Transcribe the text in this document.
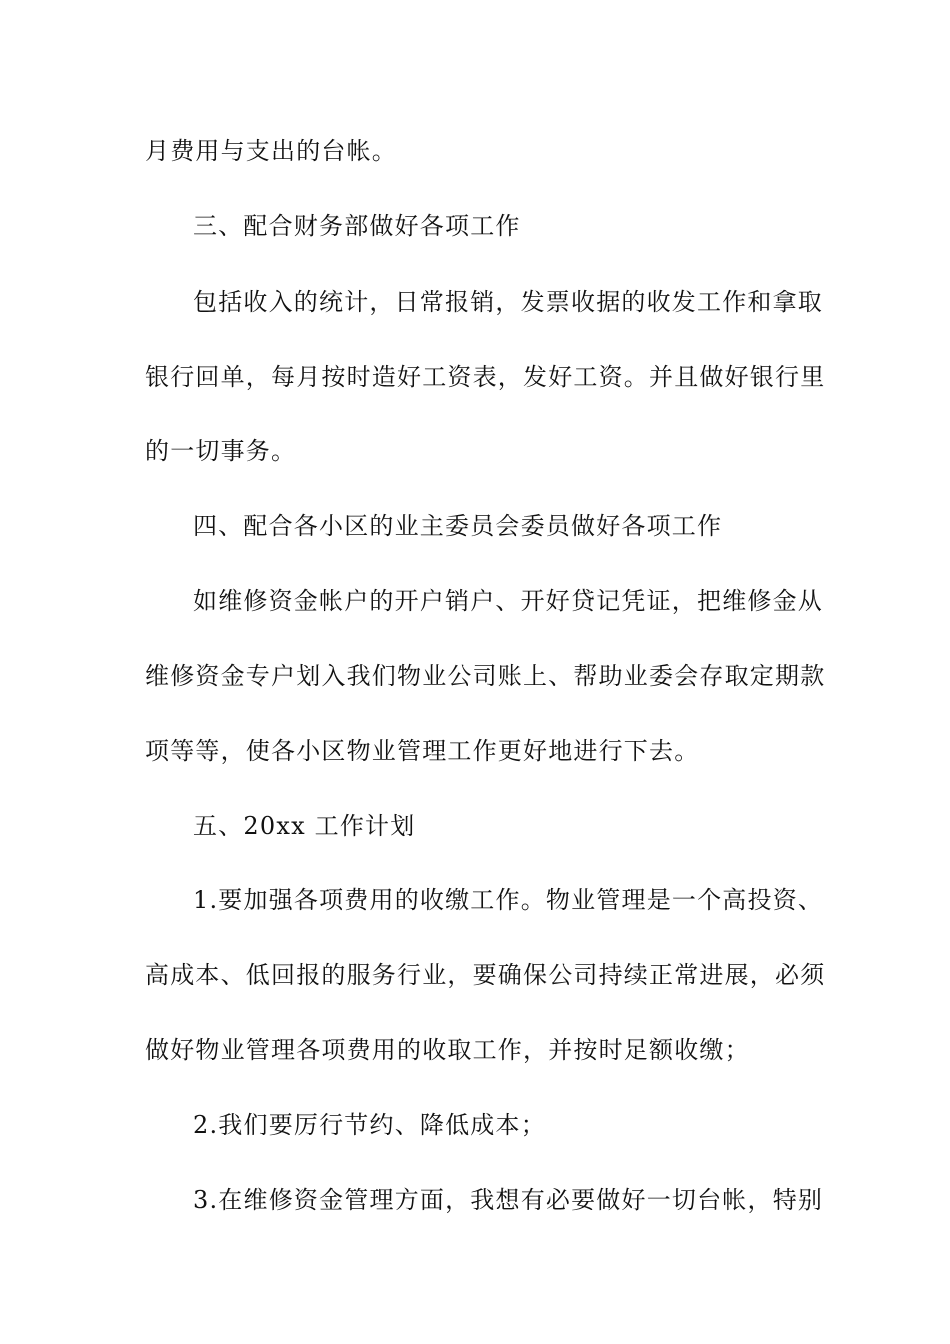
月费用与支出的台帐。
三、配合财务部做好各项工作
包括收入的统计，日常报销，发票收据的收发工作和拿取
银行回单，每月按时造好工资表，发好工资。并且做好银行里
的一切事务。
四、配合各小区的业主委员会委员做好各项工作
如维修资金帐户的开户销户、开好贷记凭证，把维修金从
维修资金专户划入我们物业公司账上、帮助业委会存取定期款
项等等，使各小区物业管理工作更好地进行下去。
五、20xx 工作计划
1.要加强各项费用的收缴工作。物业管理是一个高投资、
高成本、低回报的服务行业，要确保公司持续正常进展，必须
做好物业管理各项费用的收取工作，并按时足额收缴；
2.我们要厉行节约、降低成本；
3.在维修资金管理方面，我想有必要做好一切台帐，特别
